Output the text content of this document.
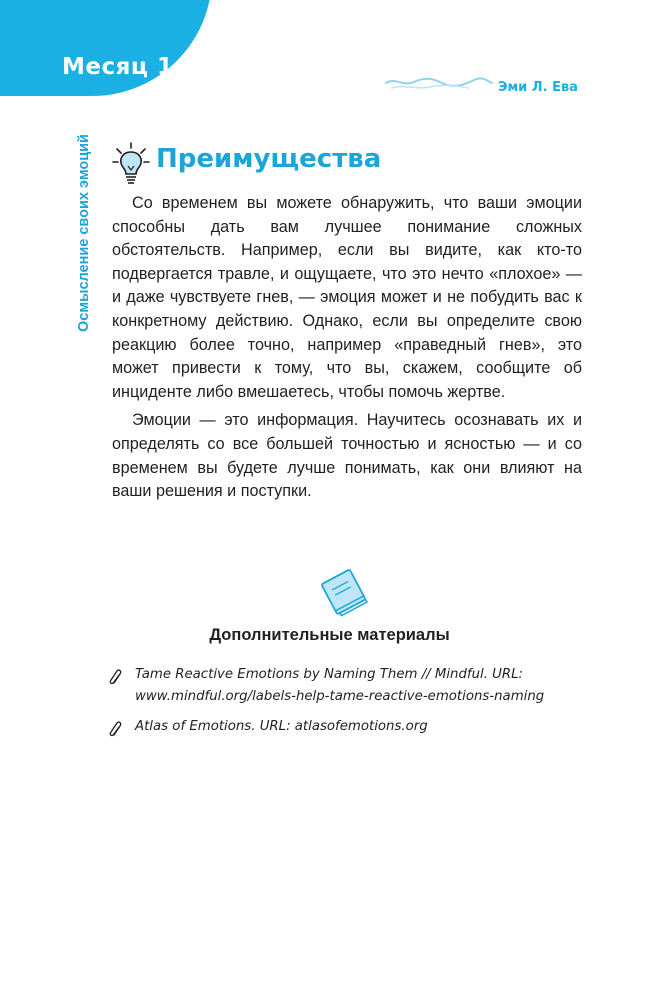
Месяц 1
Осмысление своих эмоций
Эми Л. Ева
Преимущества

Со временем вы можете обнаружить, что ваши эмоции способны дать вам лучшее понимание сложных обстоятельств. Например, если вы видите, как кто-то подвергается травле, и ощущаете, что это нечто «плохое» — и даже чувствуете гнев, — эмоция может и не побудить вас к конкретному действию. Однако, если вы определите свою реакцию более точно, например «праведный гнев», это может привести к тому, что вы, скажем, сообщите об инциденте либо вмешаетесь, чтобы помочь жертве.

Эмоции — это информация. Научитесь осознавать их и определять со все большей точностью и ясностью — и со временем вы будете лучше понимать, как они влияют на ваши решения и поступки.

Дополнительные материалы
Tame Reactive Emotions by Naming Them // Mindful. URL: www.mindful.org/labels-help-tame-reactive-emotions-naming
Atlas of Emotions. URL: atlasofemotions.org
